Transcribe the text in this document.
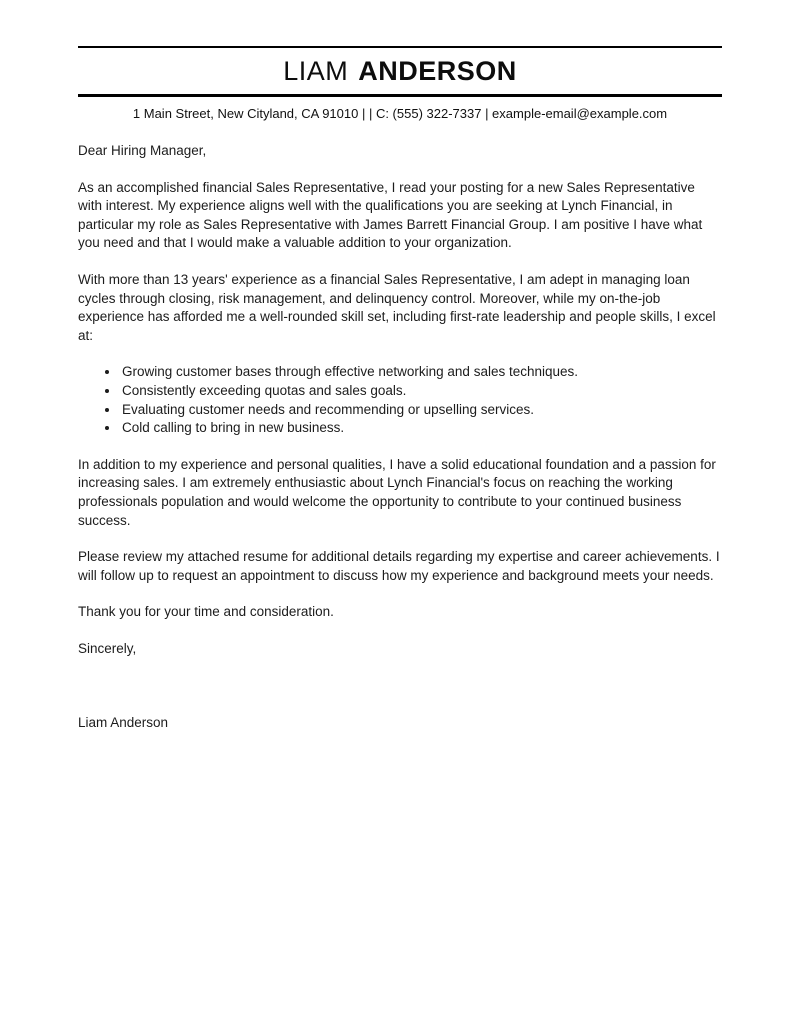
LIAM ANDERSON
1 Main Street, New Cityland, CA 91010 | | C: (555) 322-7337 | example-email@example.com
Dear Hiring Manager,
As an accomplished financial Sales Representative, I read your posting for a new Sales Representative with interest. My experience aligns well with the qualifications you are seeking at Lynch Financial, in particular my role as Sales Representative with James Barrett Financial Group. I am positive I have what you need and that I would make a valuable addition to your organization.
With more than 13 years' experience as a financial Sales Representative, I am adept in managing loan cycles through closing, risk management, and delinquency control. Moreover, while my on-the-job experience has afforded me a well-rounded skill set, including first-rate leadership and people skills, I excel at:
• Growing customer bases through effective networking and sales techniques.
• Consistently exceeding quotas and sales goals.
• Evaluating customer needs and recommending or upselling services.
• Cold calling to bring in new business.
In addition to my experience and personal qualities, I have a solid educational foundation and a passion for increasing sales. I am extremely enthusiastic about Lynch Financial's focus on reaching the working professionals population and would welcome the opportunity to contribute to your continued business success.
Please review my attached resume for additional details regarding my expertise and career achievements. I will follow up to request an appointment to discuss how my experience and background meets your needs.
Thank you for your time and consideration.
Sincerely,
Liam Anderson
